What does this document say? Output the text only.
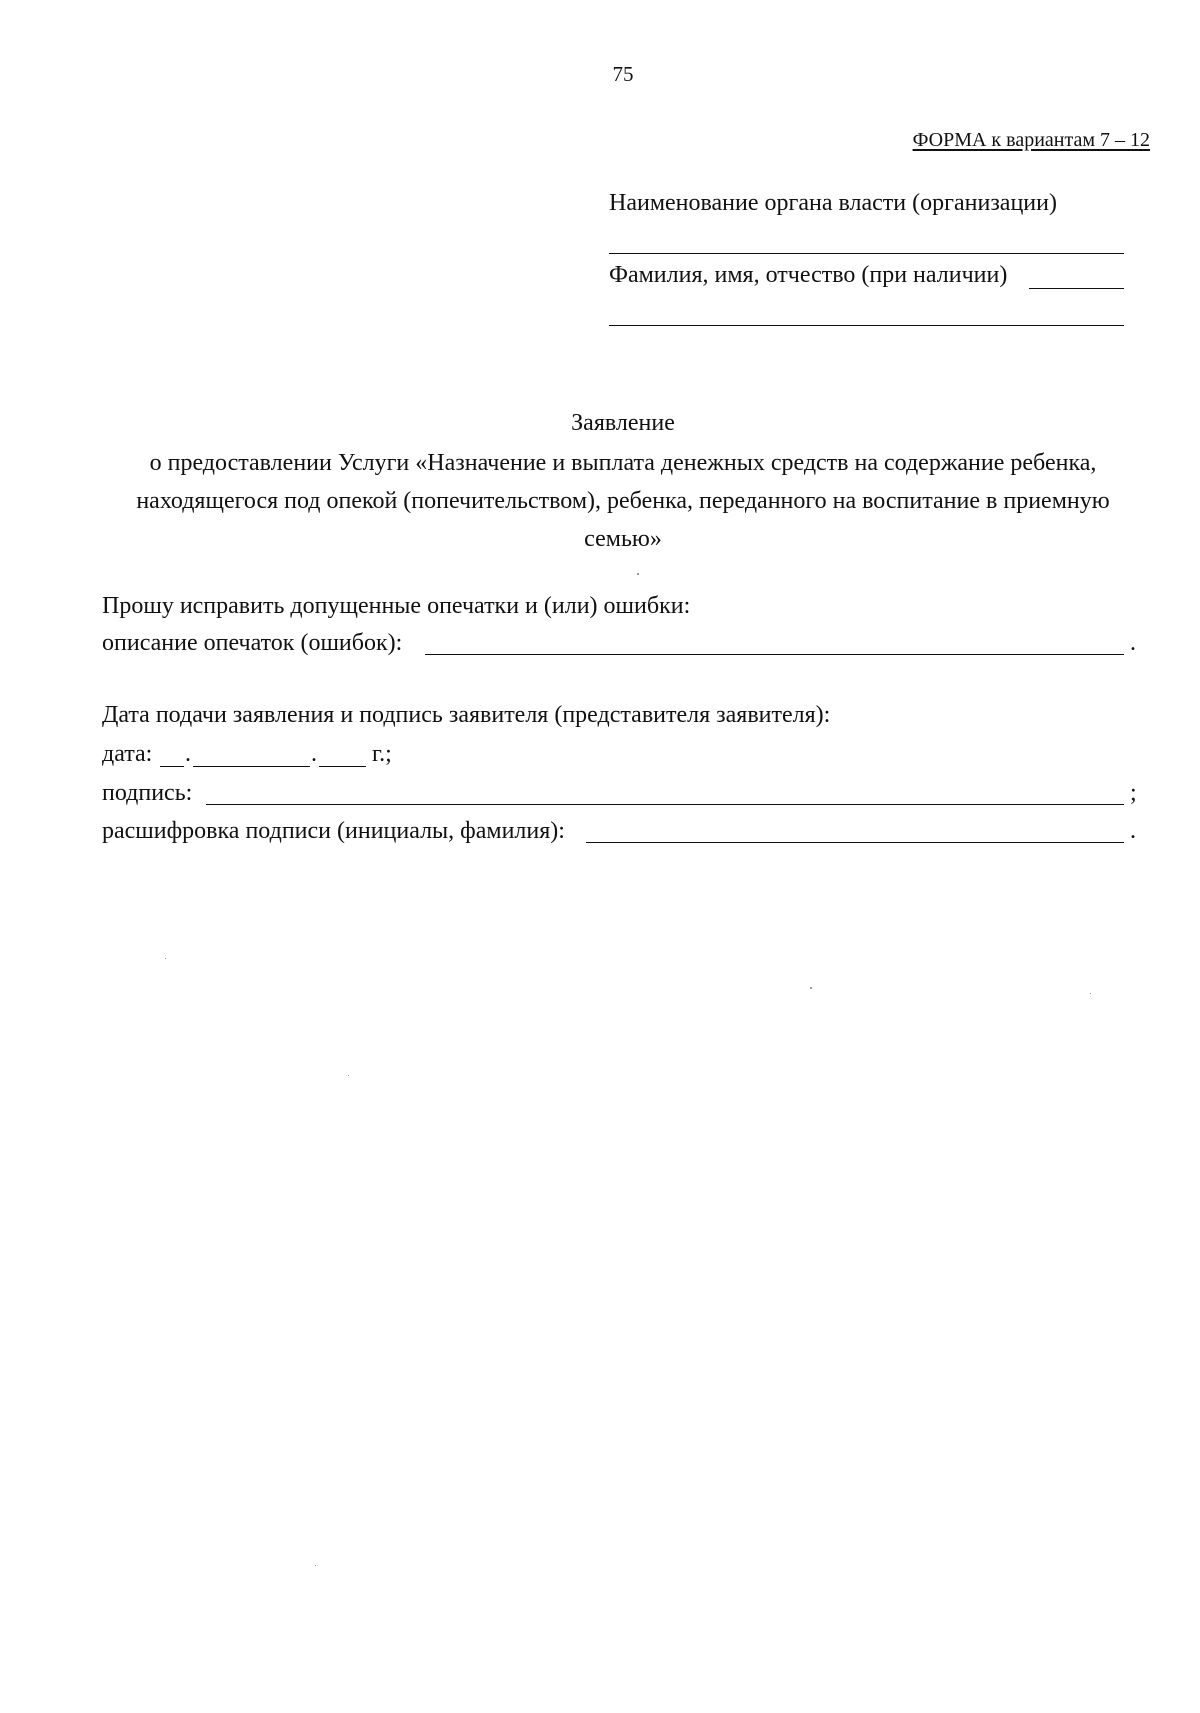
75
ФОРМА к вариантам 7 – 12
Наименование органа власти (организации)
Фамилия, имя, отчество (при наличии)
Заявление
о предоставлении Услуги «Назначение и выплата денежных средств на содержание ребенка, находящегося под опекой (попечительством), ребенка, переданного на воспитание в приемную семью»
Прошу исправить допущенные опечатки и (или) ошибки:
описание опечаток (ошибок):	.
Дата подачи заявления и подпись заявителя (представителя заявителя):
дата: .	. г.;
подпись:	;
расшифровка подписи (инициалы, фамилия):	.
